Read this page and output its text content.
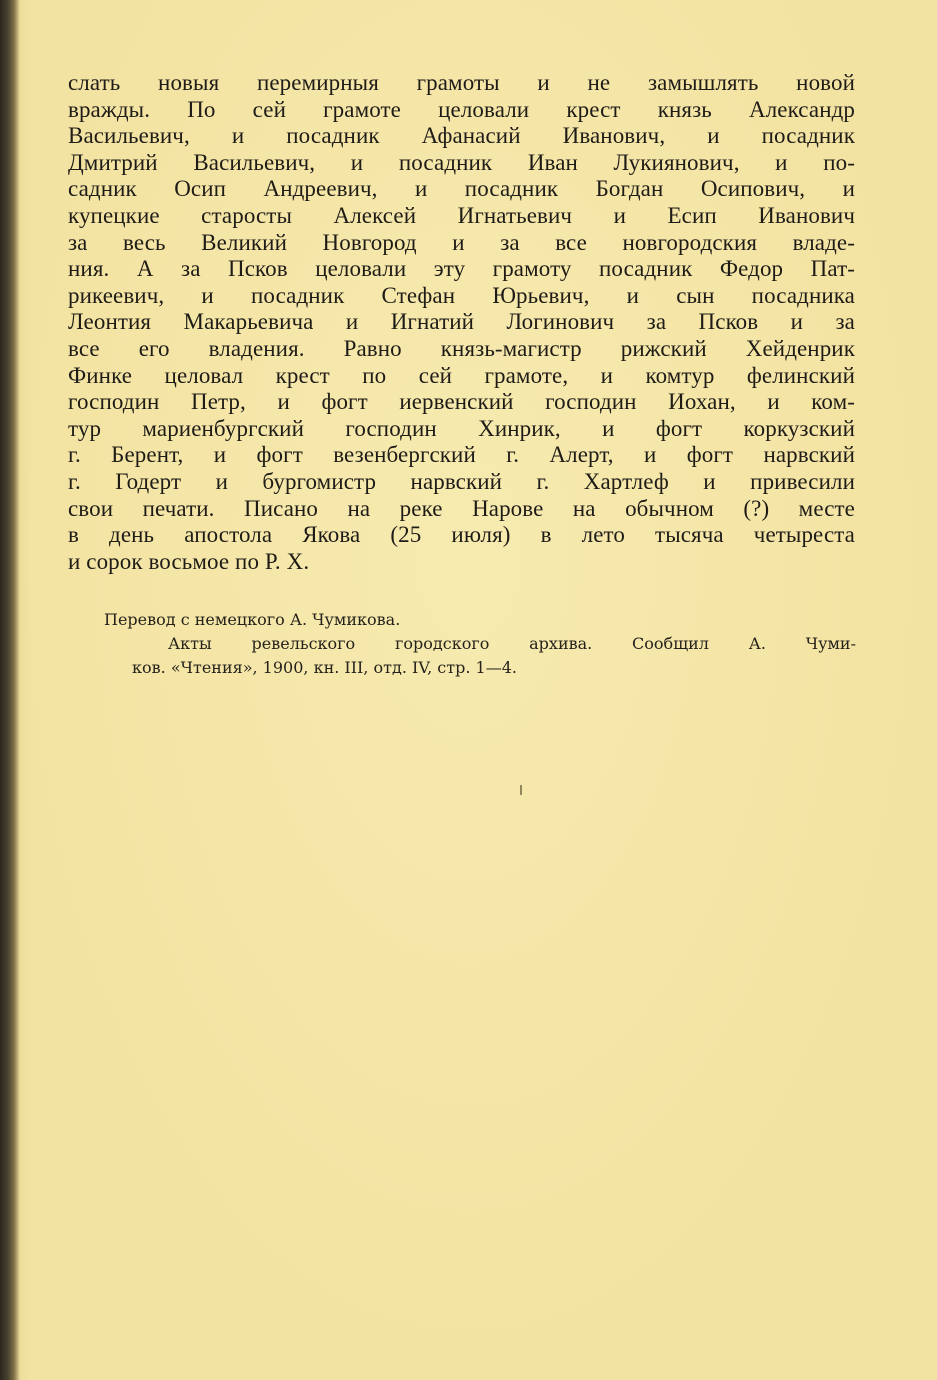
слать новыя перемирныя грамоты и не замышлять новой
вражды. По сей грамоте целовали крест князь Александр
Васильевич, и посадник Афанасий Иванович, и посадник
Дмитрий Васильевич, и посадник Иван Лукиянович, и по-
садник Осип Андреевич, и посадник Богдан Осипович, и
купецкие старосты Алексей Игнатьевич и Есип Иванович
за весь Великий Новгород и за все новгородския владе-
ния. А за Псков целовали эту грамоту посадник Федор Пат-
рикеевич, и посадник Стефан Юрьевич, и сын посадника
Леонтия Макарьевича и Игнатий Логинович за Псков и за
все его владения. Равно князь-магистр рижский Хейденрик
Финке целовал крест по сей грамоте, и комтур фелинский
господин Петр, и фогт иервенский господин Иохан, и ком-
тур мариенбургский господин Хинрик, и фогт коркузский
г. Берент, и фогт везенбергский г. Алерт, и фогт нарвский
г. Годерт и бургомистр нарвский г. Хартлеф и привесили
свои печати. Писано на реке Нарове на обычном (?) месте
в день апостола Якова (25 июля) в лето тысяча четыреста
и сорок восьмое по Р. Х.
Перевод с немецкого А. Чумикова.
Акты ревельского городского архива. Сообщил А. Чуми-
ков. «Чтения», 1900, кн. III, отд. IV, стр. 1—4.
